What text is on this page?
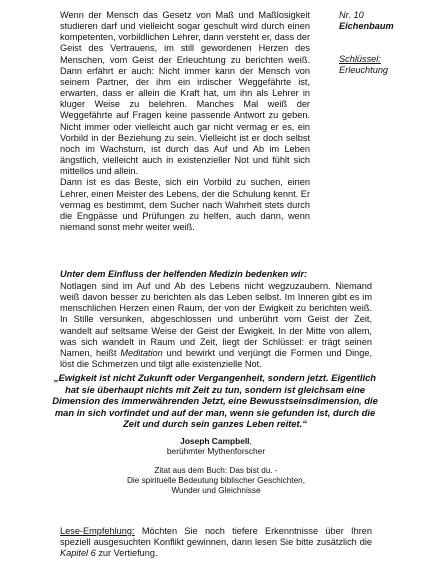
Wenn der Mensch das Gesetz von Maß und Maßlosigkeit studieren darf und vielleicht sogar geschult wird durch einen kompetenten, vorbildlichen Lehrer, dann versteht er, dass der Geist des Vertrauens, im still gewordenen Herzen des Menschen, vom Geist der Erleuchtung zu berichten weiß. Dann erfährt er auch: Nicht immer kann der Mensch von seinem Partner, der ihm ein irdischer Weggefährte ist, erwarten, dass er allein die Kraft hat, um ihn als Lehrer in kluger Weise zu belehren. Manches Mal weiß der Weggefährte auf Fragen keine passende Antwort zu geben. Nicht immer oder vielleicht auch gar nicht vermag er es, ein Vorbild in der Beziehung zu sein. Vielleicht ist er doch selbst noch im Wachstum, ist durch das Auf und Ab im Leben ängstlich, vielleicht auch in existenzieller Not und fühlt sich mittellos und allein.

Dann ist es das Beste, sich ein Vorbild zu suchen, einen Lehrer, einen Meister des Lebens, der die Schulung kennt. Er vermag es bestimmt, dem Sucher nach Wahrheit stets durch die Engpässe und Prüfungen zu helfen, auch dann, wenn niemand sonst mehr weiter weiß.

Nr. 10
Eichenbaum
Schlüssel:
Erleuchtung
Unter dem Einfluss der helfenden Medizin bedenken wir:

Notlagen sind im Auf und Ab des Lebens nicht wegzuzaubern. Niemand weiß davon besser zu berichten als das Leben selbst. Im Inneren gibt es im menschlichen Herzen einen Raum, der von der Ewigkeit zu berichten weiß. In Stille versunken, abgeschlossen und unberührt vom Geist der Zeit, wandelt auf seltsame Weise der Geist der Ewigkeit. In der Mitte von allem, was sich wandelt in Raum und Zeit, liegt der Schlüssel: er trägt seinen Namen, heißt Meditation und bewirkt und verjüngt die Formen und Dinge, löst die Schmerzen und tilgt alle existenzielle Not.

„Ewigkeit ist nicht Zukunft oder Vergangenheit, sondern jetzt. Eigentlich hat sie überhaupt nichts mit Zeit zu tun, sondern ist gleichsam eine Dimension des immerwährenden Jetzt, eine Bewusstseinsdimension, die man in sich vorfindet und auf der man, wenn sie gefunden ist, durch die Zeit und durch sein ganzes Leben reitet.“
Joseph Campbell,
berühmter Mythenforscher
Zitat aus dem Buch: Das bist du. -
Die spirituelle Bedeutung biblischer Geschichten,
Wunder und Gleichnisse
Lese-Empfehlung: Möchten Sie noch tiefere Erkenntnisse über Ihren speziell ausgesuchten Konflikt gewinnen, dann lesen Sie bitte zusätzlich die Kapitel 6 zur Vertiefung.
